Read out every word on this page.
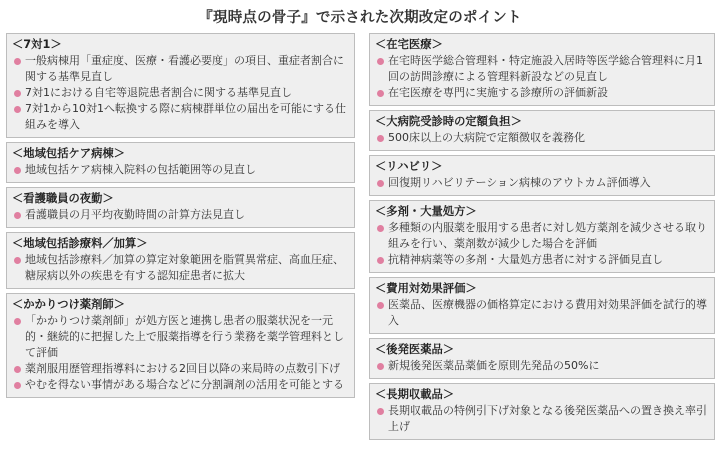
『現時点の骨子』で示された次期改定のポイント
＜7対1＞
一般病棟用「重症度、医療・看護必要度」の項目、重症者割合に関する基準見直し
7対1における自宅等退院患者割合に関する基準見直し
7対1から10対1へ転換する際に病棟群単位の届出を可能にする仕組みを導入
＜地域包括ケア病棟＞
地域包括ケア病棟入院料の包括範囲等の見直し
＜看護職員の夜勤＞
看護職員の月平均夜勤時間の計算方法見直し
＜地域包括診療料／加算＞
地域包括診療料／加算の算定対象範囲を脂質異常症、高血圧症、糖尿病以外の疾患を有する認知症患者に拡大
＜かかりつけ薬剤師＞
「かかりつけ薬剤師」が処方医と連携し患者の服薬状況を一元的・継続的に把握した上で服薬指導を行う業務を薬学管理料として評価
薬剤服用歴管理指導料における2回目以降の来局時の点数引下げ
やむを得ない事情がある場合などに分割調剤の活用を可能とする
＜在宅医療＞
在宅時医学総合管理料・特定施設入居時等医学総合管理料に月1回の訪問診療による管理料新設などの見直し
在宅医療を専門に実施する診療所の評価新設
＜大病院受診時の定額負担＞
500床以上の大病院で定額徴収を義務化
＜リハビリ＞
回復期リハビリテーション病棟のアウトカム評価導入
＜多剤・大量処方＞
多種類の内服薬を服用する患者に対し処方薬剤を減少させる取り組みを行い、薬剤数が減少した場合を評価
抗精神病薬等の多剤・大量処方患者に対する評価見直し
＜費用対効果評価＞
医薬品、医療機器の価格算定における費用対効果評価を試行的導入
＜後発医薬品＞
新規後発医薬品薬価を原則先発品の50%に
＜長期収載品＞
長期収載品の特例引下げ対象となる後発医薬品への置き換え率引上げ
